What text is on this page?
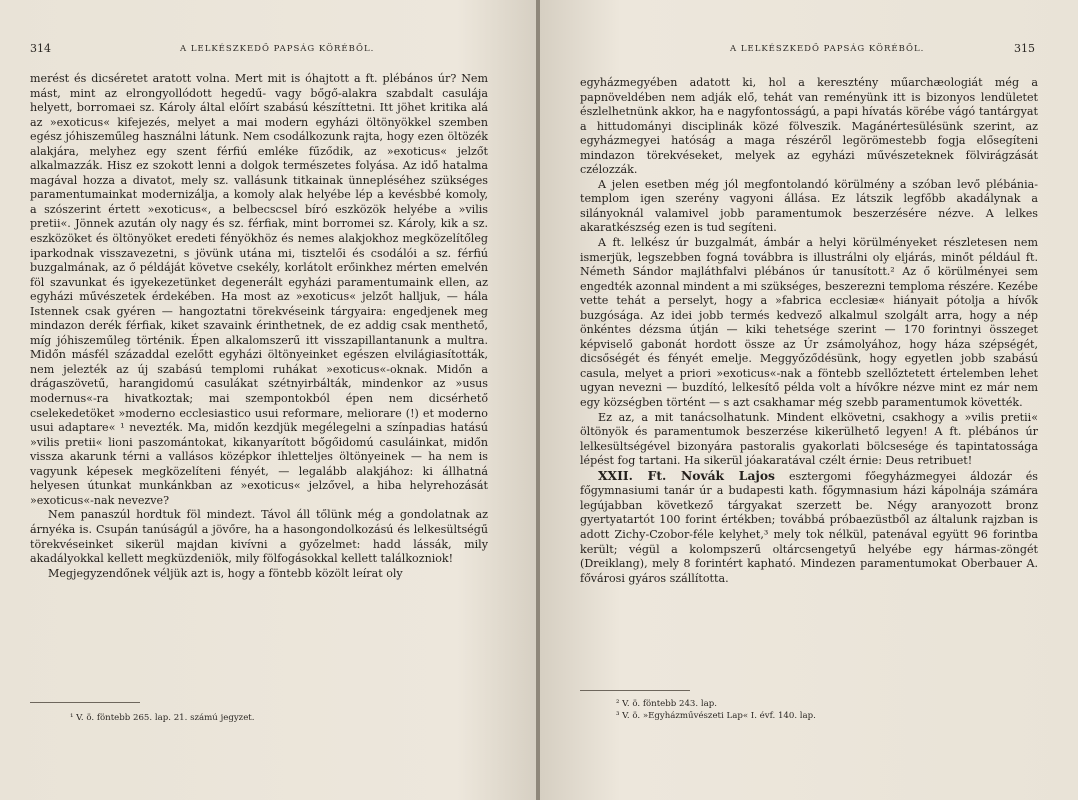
314	A LELKÉSZKEDŐ PAPSÁG KÖRÉBŐL.

merést és dicséretet aratott volna. Mert mit is óhajtott a ft. plébános úr? Nem mást, mint az elrongyollódott hegedű- vagy bőgő-alakra szabdalt casulája helyett, borromaei sz. Károly által előírt szabású készíttetni. Itt jöhet kritika alá az »exoticus« kifejezés, melyet a mai modern egyházi öltönyökkel szemben egész jóhiszeműleg használni látunk. Nem csodálkozunk rajta, hogy ezen öltözék alakjára, melyhez egy szent férfiú emléke fűződik, az »exoticus« jelzőt alkalmazzák. Hisz ez szokott lenni a dolgok természetes folyása. Az idő hatalma magával hozza a divatot, mely sz. vallásunk titkainak ünnepléséhez szükséges paramentumainkat modernizálja, a komoly alak helyébe lép a kevésbbé komoly, a szószerint értett »exoticus«, a belbecscsel bíró eszközök helyébe a »vilis pretii«. Jönnek azután oly nagy és sz. férfiak, mint borromei sz. Károly, kik a sz. eszközöket és öltönyöket eredeti fényökhöz és nemes alakjokhoz megközelítőleg iparkodnak visszavezetni, s jövünk utána mi, tisztelői és csodálói a sz. férfiú buzgalmának, az ő példáját követve csekély, korlátolt erőinkhez mérten emelvén föl szavunkat és igyekezetünket degenerált egyházi paramentumaink ellen, az egyházi művészetek érdekében. Ha most az »exoticus« jelzőt halljuk, — hála Istennek csak gyéren — hangoztatni törekvéseink tárgyaira: engedjenek meg mindazon derék férfiak, kiket szavaink érinthetnek, de ez addig csak menthető, míg jóhiszeműleg történik. Épen alkalomszerű itt visszapillantanunk a multra. Midőn másfél századdal ezelőtt egyházi öltönyeinket egészen elvilágiasították, nem jelezték az új szabású templomi ruhákat »exoticus«-oknak. Midőn a drágaszövetű, harangidomú casulákat szétnyirbálták, mindenkor az »usus modernus«-ra hivatkoztak; mai szempontokból épen nem dicsérhető cselekedetöket »moderno ecclesiastico usui reformare, meliorare (!) et moderno usui adaptare« ¹ nevezték. Ma, midőn kezdjük megélegelni a színpadias hatású »vilis pretii« lioni paszomántokat, kikanyarított bőgőidomú casuláinkat, midőn vissza akarunk térni a vallásos középkor ihletteljes öltönyeinek — ha nem is vagyunk képesek megközelíteni fényét, — legalább alakjához: ki állhatná helyesen útunkat munkánkban az »exoticus« jelzővel, a hiba helyrehozását »exoticus«-nak nevezve?

Nem panaszúl hordtuk föl mindezt. Távol áll tőlünk még a gondolatnak az árnyéka is. Csupán tanúságúl a jövőre, ha a hasongondolkozású és lelkesültségű törekvéseinket sikerül majdan kivívni a győzelmet: hadd lássák, mily akadályokkal kellett megküzdeniök, mily fölfogásokkal kellett találkozniok!

Megjegyzendőnek véljük azt is, hogy a föntebb közölt leírat oly

¹ V. ö. föntebb 265. lap. 21. számú jegyzet.
A LELKÉSZKEDŐ PAPSÁG KÖRÉBŐL.	315

egyházmegyében adatott ki, hol a keresztény műarchæologiát még a papnöveldében nem adják elő, tehát van reményünk itt is bizonyos lendületet észlelhetnünk akkor, ha e nagyfontosságú, a papi hívatás körébe vágó tantárgyat a hittudományi disciplinák közé fölveszik. Magánértesülésünk szerint, az egyházmegyei hatóság a maga részéről legörömestebb fogja elősegíteni mindazon törekvéseket, melyek az egyházi művészeteknek fölvirágzását czélozzák.

A jelen esetben még jól megfontolandó körülmény a szóban levő plébánia-templom igen szerény vagyoni állása. Ez látszik legfőbb akadálynak a silányoknál valamivel jobb paramentumok beszerzésére nézve. A lelkes akaratkészség ezen is tud segíteni.

A ft. lelkész úr buzgalmát, ámbár a helyi körülményeket részletesen nem ismerjük, legszebben fogná továbbra is illustrálni oly eljárás, minőt például ft. Németh Sándor majláthfalvi plébános úr tanusított.² Az ő körülményei sem engedték azonnal mindent a mi szükséges, beszerezni temploma részére. Kezébe vette tehát a perselyt, hogy a »fabrica ecclesiæ« hiányait pótolja a hívők buzgósága. Az idei jobb termés kedvező alkalmul szolgált arra, hogy a nép önkéntes dézsma útján — kiki tehetsége szerint — 170 forintnyi összeget képviselő gabonát hordott össze az Úr zsámolyához, hogy háza szépségét, dicsőségét és fényét emelje. Meggyőződésünk, hogy egyetlen jobb szabású casula, melyet a priori »exoticus«-nak a föntebb szellőztetett értelemben lehet ugyan nevezni — buzdító, lelkesítő példa volt a hívőkre nézve mint ez már nem egy községben történt — s azt csakhamar még szebb paramentumok követték.

Ez az, a mit tanácsolhatunk. Mindent elkövetni, csakhogy a »vilis pretii« öltönyök és paramentumok beszerzése kikerülhető legyen! A ft. plébános úr lelkesültségével bizonyára pastoralis gyakorlati bölcsesége és tapintatossága lépést fog tartani. Ha sikerül jóakaratával czélt érnie: Deus retribuet!

XXII. Ft. Novák Lajos esztergomi főegyházmegyei áldozár és főgymnasiumi tanár úr a budapesti kath. főgymnasium házi kápolnája számára legújabban következő tárgyakat szerzett be. Négy aranyozott bronz gyertyatartót 100 forint értékben; továbbá próbaezüstből az általunk rajzban is adott Zichy-Czobor-féle kelyhet,³ mely tok nélkül, patenával együtt 96 forintba került; végül a kolompszerű oltárcsengetyű helyébe egy hármas-zöngét (Dreiklang), mely 8 forintért kapható. Mindezen paramentumokat Oberbauer A. fővárosi gyáros szállította.

² V. ö. föntebb 243. lap.
³ V. ö. »Egyházművészeti Lap« I. évf. 140. lap.
